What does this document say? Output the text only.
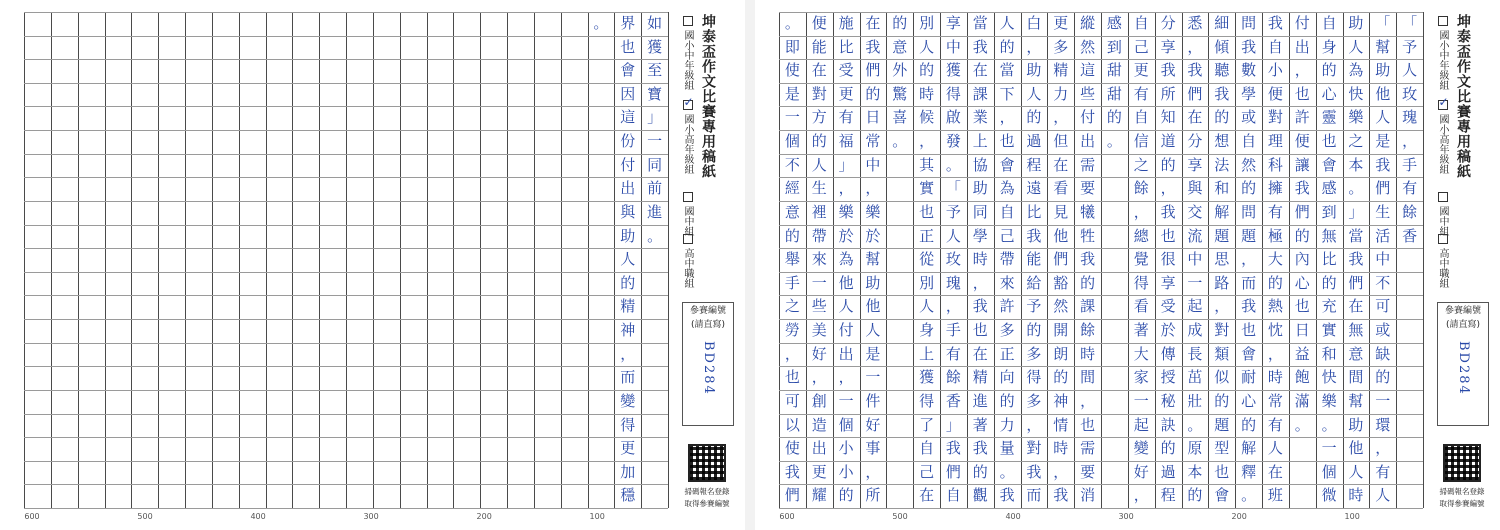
如
獲
至
寶
」
一
同
前
進
。
界
也
會
因
這
份
付
出
與
助
人
的
精
神
，
而
變
得
更
加
穩
。
600	500	400	300	200	100
坤泰盃作文比賽專用稿紙
國小中年級組
✓
國小高年級組
國中組
高中職組
參賽編號
(請直寫)
BD284
掃碼報名登錄
取得參賽編號
「
予
人
玫
瑰
，
手
有
餘
香
「
幫
助
他
人
是
我
們
生
活
中
不
可
或
缺
的
一
環
，
有
人
助
人
為
快
樂
之
本
。
」
當
我
們
在
無
意
間
幫
助
他
人
時
自
身
的
心
靈
也
會
感
到
無
比
的
充
實
和
快
樂
。
一
個
微
付
出
，
也
許
便
讓
我
們
的
內
心
也
日
益
飽
滿
。
我
自
小
便
對
理
科
擁
有
極
大
的
熱
忱
，
時
常
有
人
在
班
問
我
數
學
或
自
然
的
問
題
，
而
我
也
會
耐
心
的
解
釋
。
細
傾
聽
我
的
想
法
和
解
題
思
路
，
對
類
似
的
題
型
也
會
悉
，
我
們
在
分
享
與
交
流
中
一
起
成
長
茁
壯
。
原
本
的
分
享
我
所
知
道
的
，
我
也
很
享
受
於
傳
授
秘
訣
的
過
程
自
己
更
有
自
信
之
餘
，
總
覺
得
看
著
大
家
一
起
變
好
，
感
到
甜
甜
的
。
縱
然
這
些
付
出
需
要
犧
牲
我
的
課
餘
時
間
，
也
需
要
消
更
多
精
力
，
但
在
看
見
他
們
豁
然
開
朗
的
神
情
時
，
我
白
，
助
人
的
過
程
遠
比
我
能
給
予
的
多
得
多
，
對
我
而
人
的
當
下
，
也
會
為
自
己
帶
來
許
多
正
向
的
力
量
。
我
當
我
在
課
業
上
協
助
同
學
時
，
我
也
在
精
進
著
我
的
觀
享
中
獲
得
啟
發
。
「
予
人
玫
瑰
，
手
有
餘
香
」
我
們
自
別
人
的
時
候
，
其
實
也
正
從
別
人
身
上
獲
得
了
自
己
在
的
意
外
驚
喜
。
在
我
們
的
日
常
中
，
樂
於
幫
助
他
人
是
一
件
好
事
，
所
施
比
受
更
有
福
」
，
樂
於
為
他
人
付
出
，
一
個
小
小
的
便
能
在
對
方
的
人
生
裡
帶
來
一
些
美
好
，
創
造
出
更
耀
。
即
使
是
一
個
不
經
意
的
舉
手
之
勞
，
也
可
以
使
我
們
600	500	400	300	200	100
坤泰盃作文比賽專用稿紙
國小中年級組
✓
國小高年級組
國中組
高中職組
參賽編號
(請直寫)
BD284
掃碼報名登錄
取得參賽編號
